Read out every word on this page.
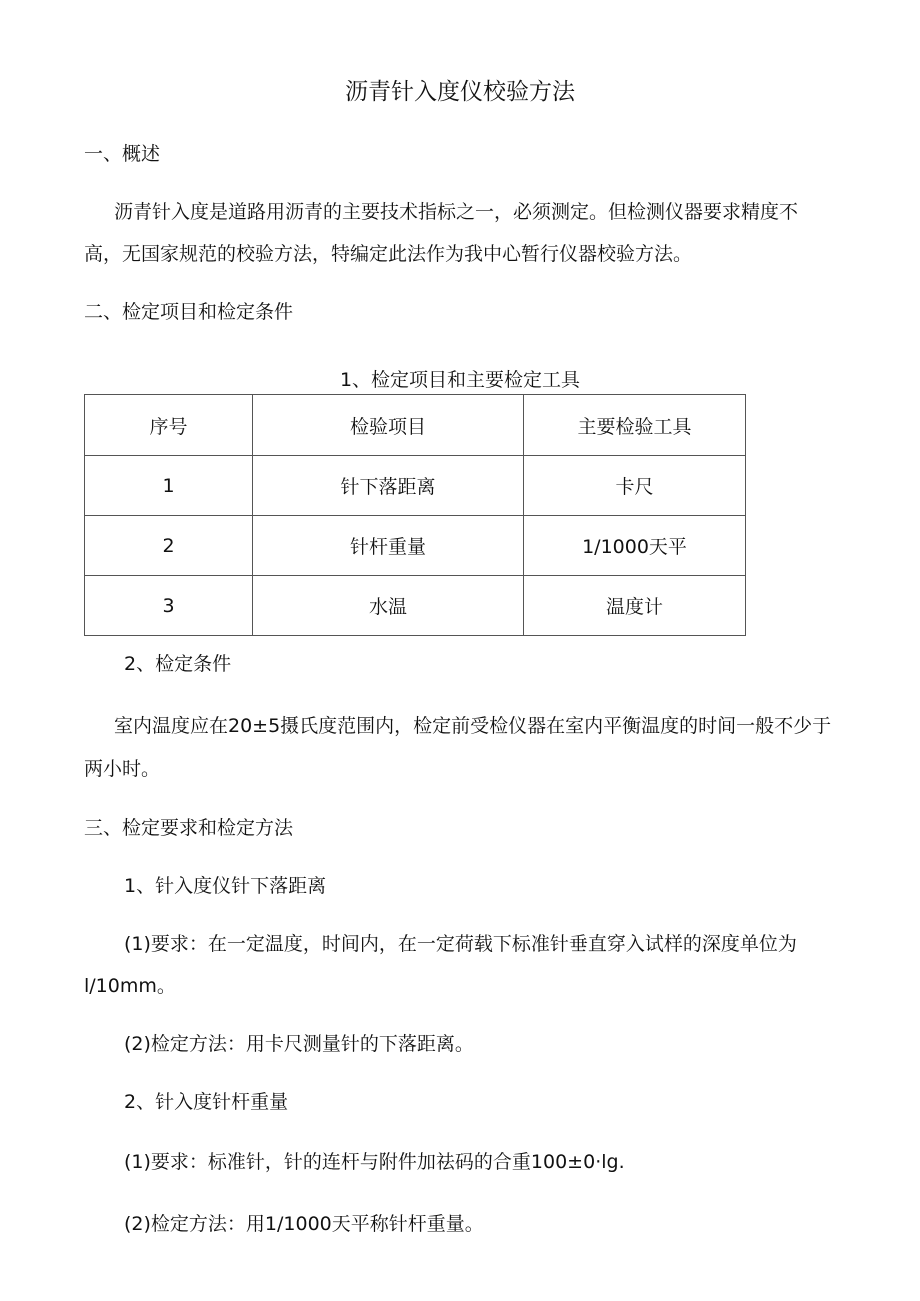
沥青针入度仪校验方法
一、概述
沥青针入度是道路用沥青的主要技术指标之一，必须测定。但检测仪器要求精度不
高，无国家规范的校验方法，特编定此法作为我中心暂行仪器校验方法。
二、检定项目和检定条件
1、检定项目和主要检定工具
序号	检验项目	主要检验工具
1	针下落距离	卡尺
2	针杆重量	1/1000天平
3	水温	温度计
2、检定条件
室内温度应在20±5摄氏度范围内，检定前受检仪器在室内平衡温度的时间一般不少于
两小时。
三、检定要求和检定方法
1、针入度仪针下落距离
(1)要求：在一定温度，时间内，在一定荷载下标准针垂直穿入试样的深度单位为
l/10mm。
(2)检定方法：用卡尺测量针的下落距离。
2、针入度针杆重量
(1)要求：标准针，针的连杆与附件加祛码的合重100±0·lg.
(2)检定方法：用1/1000天平称针杆重量。
